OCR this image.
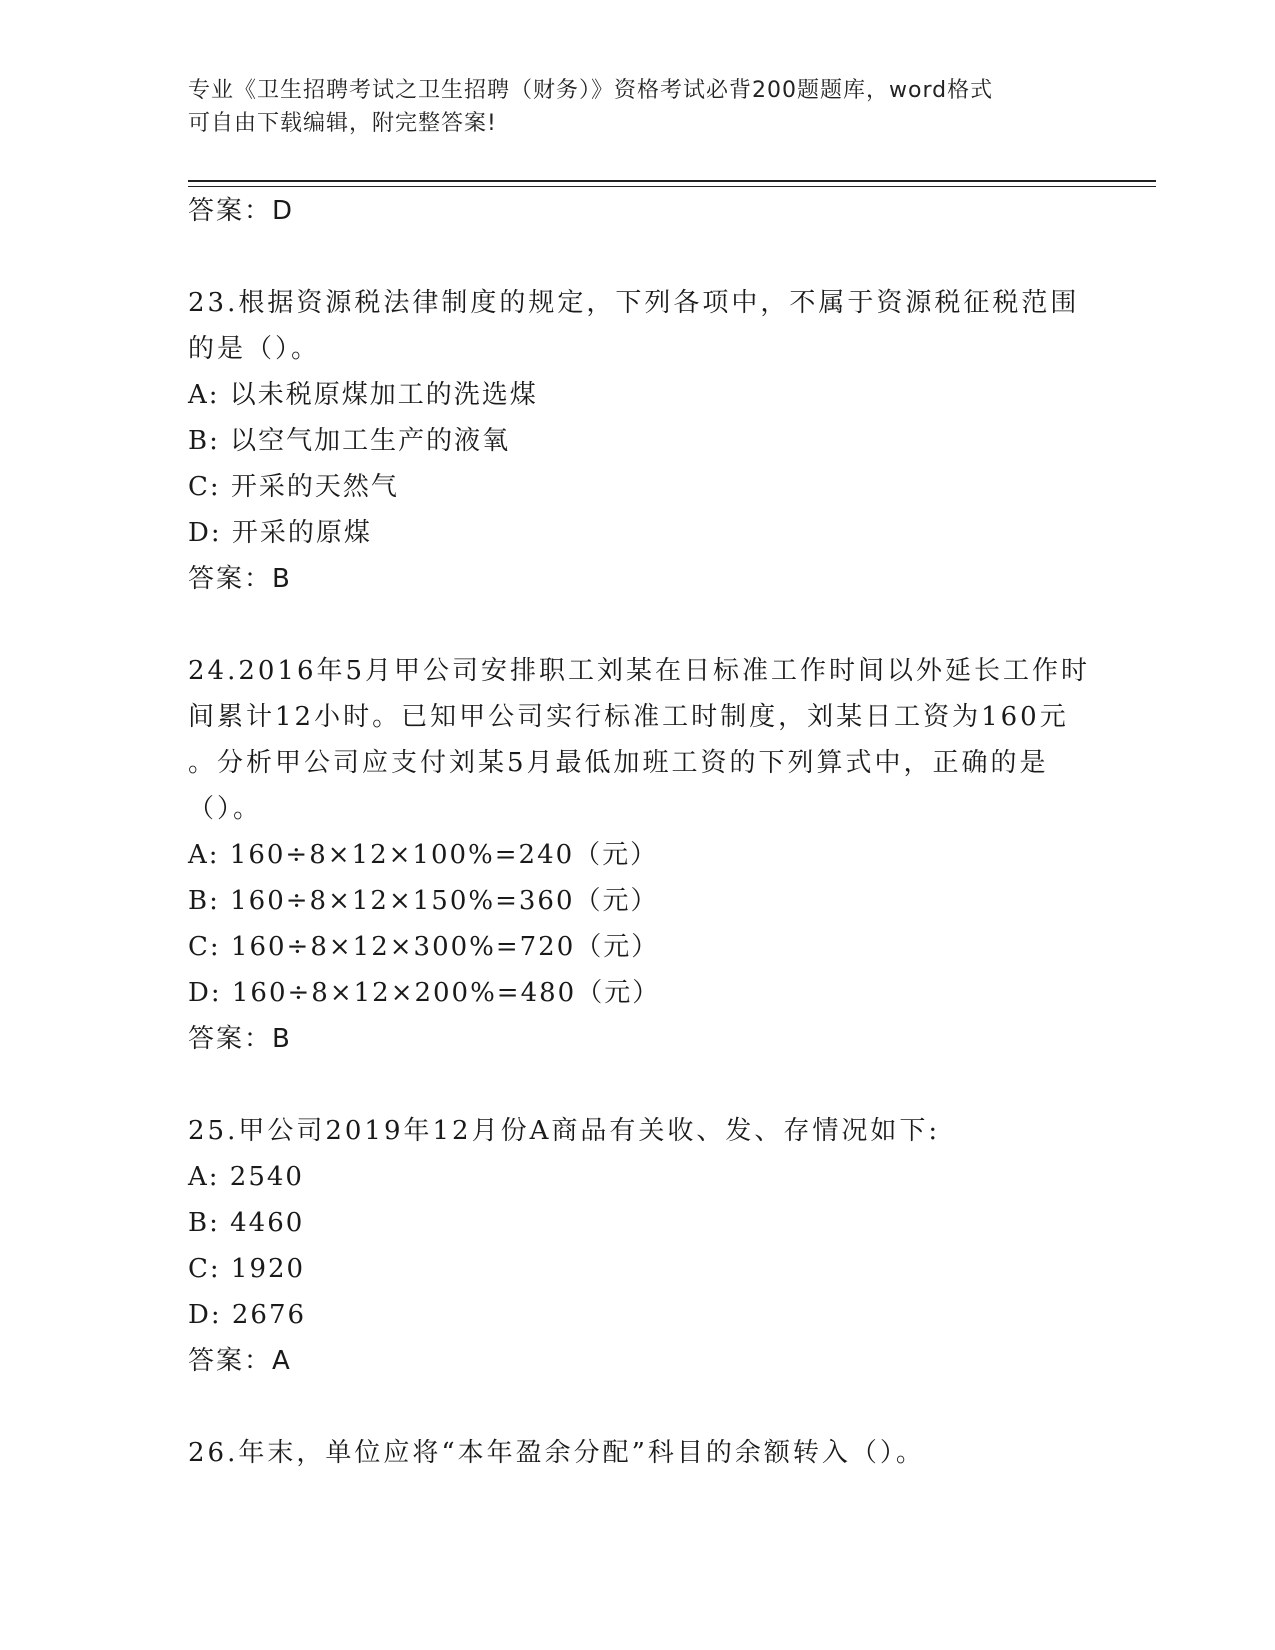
专业《卫生招聘考试之卫生招聘（财务）》资格考试必背200题题库，word格式
可自由下载编辑，附完整答案!
答案：D
23.根据资源税法律制度的规定，下列各项中，不属于资源税征税范围
的是（）。
A: 以未税原煤加工的洗选煤
B: 以空气加工生产的液氧
C: 开采的天然气
D: 开采的原煤
答案：B
24.2016年5月甲公司安排职工刘某在日标准工作时间以外延长工作时
间累计12小时。已知甲公司实行标准工时制度，刘某日工资为160元
。分析甲公司应支付刘某5月最低加班工资的下列算式中，正确的是
（）。
A: 160÷8×12×100%=240（元）
B: 160÷8×12×150%=360（元）
C: 160÷8×12×300%=720（元）
D: 160÷8×12×200%=480（元）
答案：B
25.甲公司2019年12月份A商品有关收、发、存情况如下:
A: 2540
B: 4460
C: 1920
D: 2676
答案：A
26.年末，单位应将“本年盈余分配”科目的余额转入（）。
